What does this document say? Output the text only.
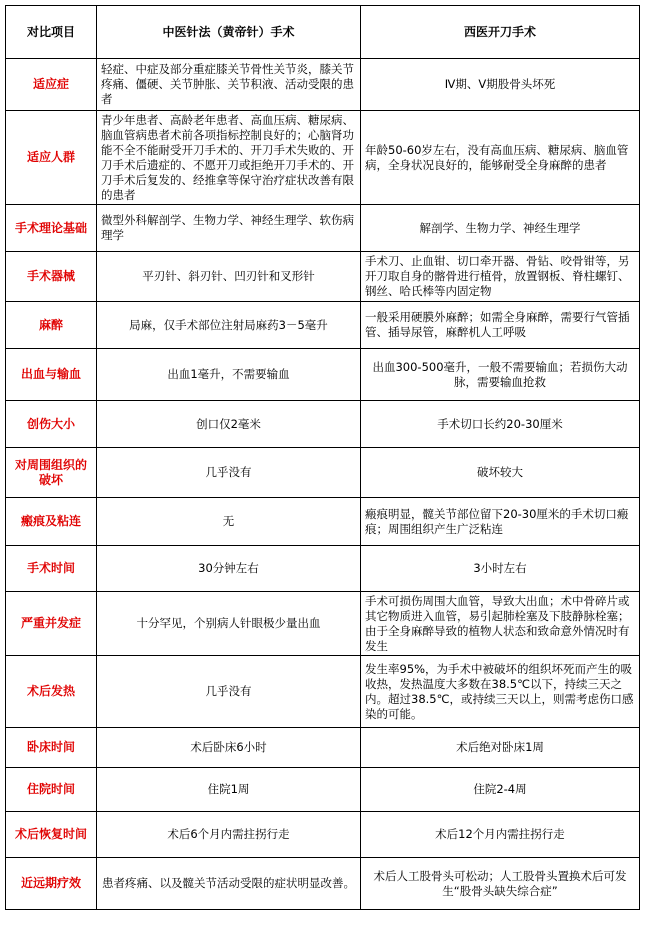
对比项目	中医针法（黄帝针）手术	西医开刀手术
适应症	轻症、中症及部分重症膝关节骨性关节炎，膝关节疼痛、僵硬、关节肿胀、关节积液、活动受限的患者	Ⅳ期、Ⅴ期股骨头坏死
适应人群	青少年患者、高龄老年患者、高血压病、糖尿病、脑血管病患者术前各项指标控制良好的；心脑肾功能不全不能耐受开刀手术的、开刀手术失败的、开刀手术后遗症的、不愿开刀或拒绝开刀手术的、开刀手术后复发的、经推拿等保守治疗症状改善有限的患者	年龄50-60岁左右，没有高血压病、糖尿病、脑血管病，全身状况良好的，能够耐受全身麻醉的患者
手术理论基础	微型外科解剖学、生物力学、神经生理学、软伤病理学	解剖学、生物力学、神经生理学
手术器械	平刃针、斜刃针、凹刃针和叉形针	手术刀、止血钳、切口牵开器、骨钻、咬骨钳等，另开刀取自身的髂骨进行植骨，放置钢板、脊柱螺钉、钢丝、哈氏棒等内固定物
麻醉	局麻，仅手术部位注射局麻药3－5毫升	一般采用硬膜外麻醉；如需全身麻醉，需要行气管插管、插导尿管，麻醉机人工呼吸
出血与输血	出血1毫升，不需要输血	出血300-500毫升，一般不需要输血；若损伤大动脉，需要输血抢救
创伤大小	创口仅2毫米	手术切口长约20-30厘米
对周围组织的破坏	几乎没有	破坏较大
瘢痕及粘连	无	瘢痕明显，髋关节部位留下20-30厘米的手术切口瘢痕；周围组织产生广泛粘连
手术时间	30分钟左右	3小时左右
严重并发症	十分罕见，个别病人针眼极少量出血	手术可损伤周围大血管，导致大出血；术中骨碎片或其它物质进入血管，易引起肺栓塞及下肢静脉栓塞；由于全身麻醉导致的植物人状态和致命意外情况时有发生
术后发热	几乎没有	发生率95%，为手术中被破坏的组织坏死而产生的吸收热，发热温度大多数在38.5℃以下，持续三天之内。超过38.5℃，或持续三天以上，则需考虑伤口感染的可能。
卧床时间	术后卧床6小时	术后绝对卧床1周
住院时间	住院1周	住院2-4周
术后恢复时间	术后6个月内需拄拐行走	术后12个月内需拄拐行走
近远期疗效	患者疼痛、以及髋关节活动受限的症状明显改善。	术后人工股骨头可松动；人工股骨头置换术后可发生“股骨头缺失综合症”
